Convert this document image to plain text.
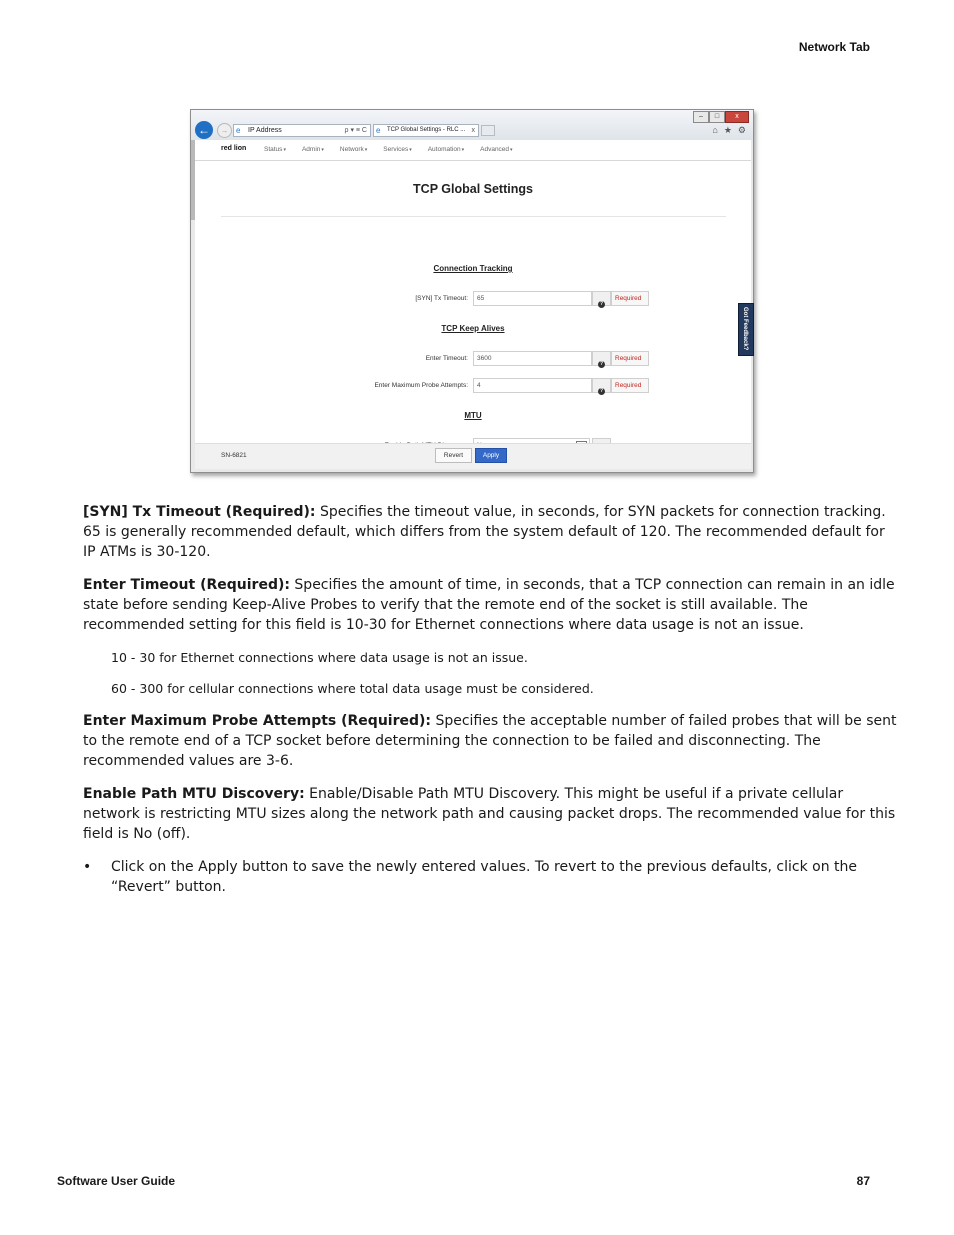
Network Tab
–	□	x
←	→ e	IP Address	ρ ▾ ≡ C e TCP Global Settings - RLC ... x	⌂ ★ ⚙
red lion	Status▾ Admin▾ Network▾ Services▾ Automation▾ Advanced▾
TCP Global Settings
Connection Tracking
[SYN] Tx Timeout:	65
?
Required
TCP Keep Alives
Enter Timeout:	3600
?
Required
Enter Maximum Probe Attempts:	4
?
Required
MTU
SN-6821	Revert	Apply
Got Feedback?

[SYN] Tx Timeout (Required): Specifies the timeout value, in seconds, for SYN packets for connection tracking. 65 is generally recommended default, which differs from the system default of 120. The recommended default for IP ATMs is 30-120.

Enter Timeout (Required): Specifies the amount of time, in seconds, that a TCP connection can remain in an idle state before sending Keep-Alive Probes to verify that the remote end of the socket is still available. The recommended setting for this field is 10-30 for Ethernet connections where data usage is not an issue.

10 - 30 for Ethernet connections where data usage is not an issue.

60 - 300 for cellular connections where total data usage must be considered.

Enter Maximum Probe Attempts (Required): Specifies the acceptable number of failed probes that will be sent to the remote end of a TCP socket before determining the connection to be failed and disconnecting. The recommended values are 3-6.

Enable Path MTU Discovery: Enable/Disable Path MTU Discovery. This might be useful if a private cellular network is restricting MTU sizes along the network path and causing packet drops. The recommended value for this field is No (off).

• Click on the Apply button to save the newly entered values. To revert to the previous defaults, click on the “Revert” button.

Software User Guide	87
